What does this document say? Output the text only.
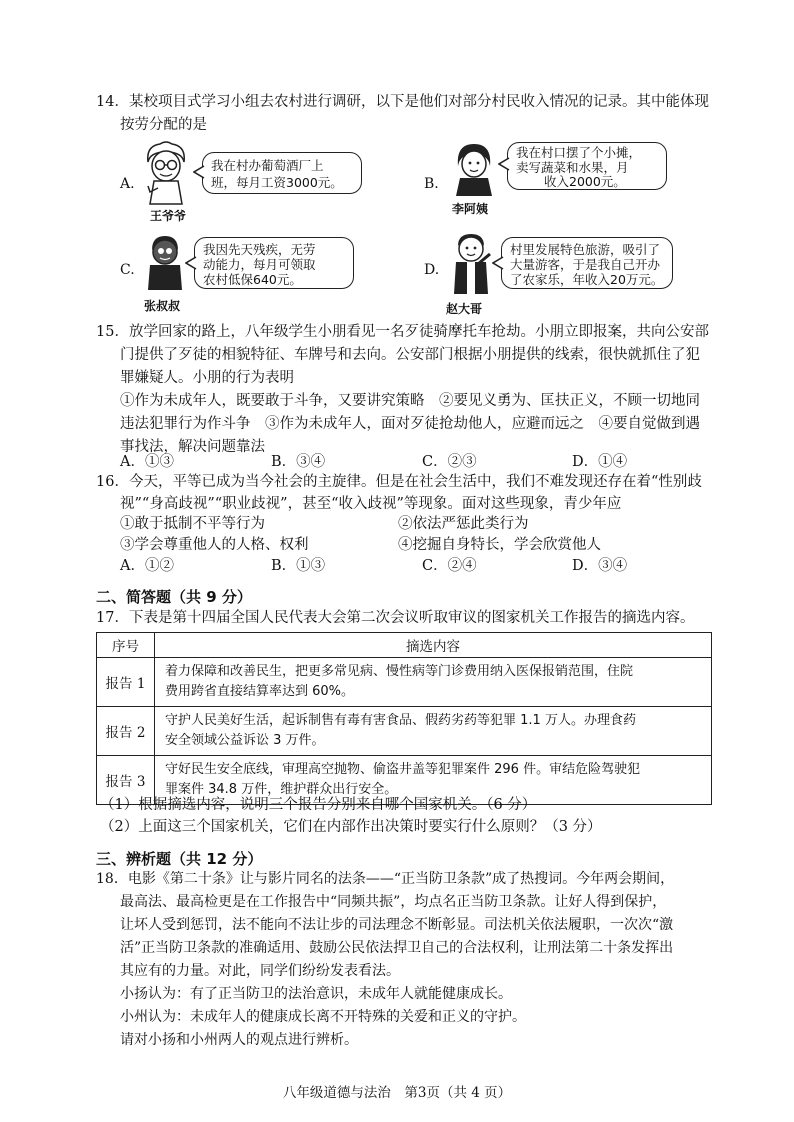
14．某校项目式学习小组去农村进行调研，以下是他们对部分村民收入情况的记录。其中能体现
按劳分配的是
A.
我在村办葡萄酒厂上
班，每月工资3000元。
王爷爷
B.
我在村口摆了个小摊，
卖写蔬菜和水果，月
收入2000元。
李阿姨
C.
我因先天残疾，无劳
动能力，每月可领取
农村低保640元。
张叔叔
D.
村里发展特色旅游，吸引了
大量游客，于是我自己开办
了农家乐，年收入20万元。
赵大哥
15．放学回家的路上，八年级学生小朋看见一名歹徒骑摩托车抢劫。小朋立即报案，共向公安部
门提供了歹徒的相貌特征、车牌号和去向。公安部门根据小朋提供的线索，很快就抓住了犯
罪嫌疑人。小朋的行为表明
①作为未成年人，既要敢于斗争，又要讲究策略　②要见义勇为、匡扶正义，不顾一切地同
违法犯罪行为作斗争　③作为未成年人，面对歹徒抢劫他人，应避而远之　④要自觉做到遇
事找法，解决问题靠法
A．①③	B．③④	C．②③	D．①④
16．今天，平等已成为当今社会的主旋律。但是在社会生活中，我们不难发现还存在着“性别歧
视”“身高歧视”“职业歧视”，甚至“收入歧视”等现象。面对这些现象，青少年应
①敢于抵制不平等行为	②依法严惩此类行为
③学会尊重他人的人格、权利	④挖掘自身特长，学会欣赏他人
A．①②	B．①③	C．②④	D．③④
二、简答题（共 9 分）
17．下表是第十四届全国人民代表大会第二次会议听取审议的图家机关工作报告的摘选内容。
序号	摘选内容
报告 1	着力保障和改善民生，把更多常见病、慢性病等门诊费用纳入医保报销范围，住院
费用跨省直接结算率达到 60%。

报告 2	守护人民美好生活，起诉制售有毒有害食品、假药劣药等犯罪 1.1 万人。办理食药
安全领域公益诉讼 3 万件。

报告 3	守好民生安全底线，审理高空抛物、偷盗井盖等犯罪案件 296 件。审结危险驾驶犯
罪案件 34.8 万件，维护群众出行安全。
（1）根据摘选内容，说明三个报告分别来自哪个国家机关。（6 分）
（2）上面这三个国家机关，它们在内部作出决策时要实行什么原则？（3 分）
三、辨析题（共 12 分）
18．电影《第二十条》让与影片同名的法条——“正当防卫条款”成了热搜词。今年两会期间，
最高法、最高检更是在工作报告中“同频共振”，均点名正当防卫条款。让好人得到保护，
让坏人受到惩罚，法不能向不法让步的司法理念不断彰显。司法机关依法履职，一次次“激
活”正当防卫条款的准确适用、鼓励公民依法捍卫自己的合法权利，让刑法第二十条发挥出
其应有的力量。对此，同学们纷纷发表看法。
小扬认为：有了正当防卫的法治意识，未成年人就能健康成长。
小州认为：未成年人的健康成长离不开特殊的关爱和正义的守护。
请对小扬和小州两人的观点进行辨析。
八年级道德与法治　第3页（共 4 页）
